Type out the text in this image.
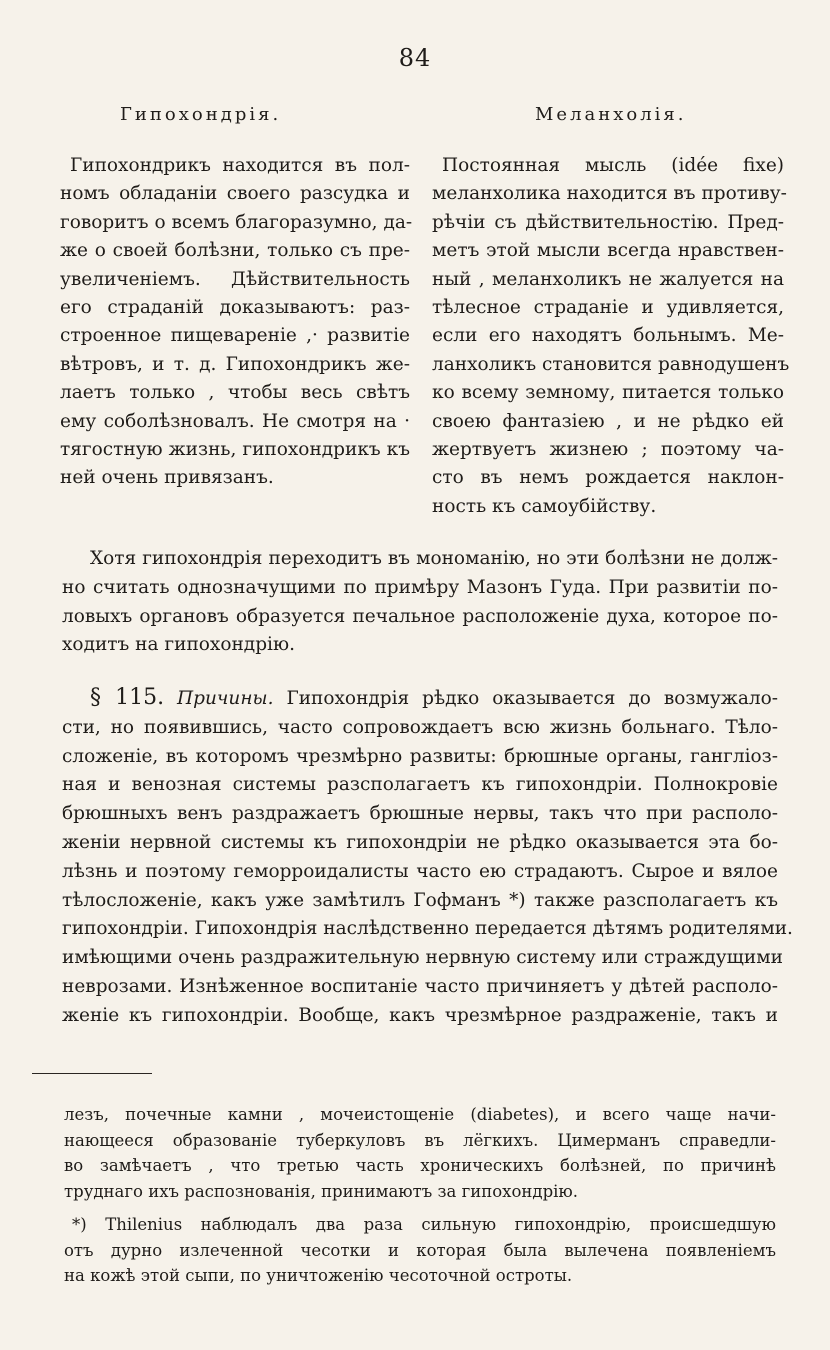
84
Гипохондрія.	Меланхолія.
Гипохондрикъ находится въ пол-
номъ обладаніи своего разсудка и
говоритъ о всемъ благоразумно, да-
же о своей болѣзни, только съ пре-
увеличеніемъ. Дѣйствительность
его страданій доказываютъ: раз-
строенное пищевареніе ,· развитіе
вѣтровъ, и т. д. Гипохондрикъ же-
лаетъ только , чтобы весь свѣтъ
ему соболѣзновалъ. Не смотря на ·
тягостную жизнь, гипохондрикъ къ
ней очень привязанъ.
Постоянная мысль (idée fixe)
меланхолика находится въ противу-
рѣчіи съ дѣйствительностію. Пред-
метъ этой мысли всегда нравствен-
ный , меланхоликъ не жалуется на
тѣлесное страданіе и удивляется,
если его находятъ больнымъ. Ме-
ланхоликъ становится равнодушенъ
ко всему земному, питается только
своею фантазіею , и не рѣдко ей
жертвуетъ жизнею ; поэтому ча-
сто въ немъ рождается наклон-
ность къ самоубійству.
Хотя гипохондрія переходитъ въ мономанію, но эти болѣзни не долж-
но считать однозначущими по примѣру Мазонъ Гуда. При развитіи по-
ловыхъ органовъ образуется печальное расположеніе духа, которое по-
ходитъ на гипохондрію.
§ 115. Причины. Гипохондрія рѣдко оказывается до возмужало-
сти, но появившись, часто сопровождаетъ всю жизнь больнаго. Тѣло-
сложеніе, въ которомъ чрезмѣрно развиты: брюшные органы, гангліоз-
ная и венозная системы разсполагаетъ къ гипохондріи. Полнокровіе
брюшныхъ венъ раздражаетъ брюшные нервы, такъ что при располо-
женіи нервной системы къ гипохондріи не рѣдко оказывается эта бо-
лѣзнь и поэтому геморроидалисты часто ею страдаютъ. Сырое и вялое
тѣлосложеніе, какъ уже замѣтилъ Гофманъ *) также разсполагаетъ къ
гипохондріи. Гипохондрія наслѣдственно передается дѣтямъ родителями.
имѣющими очень раздражительную нервную систему или страждущими
неврозами. Изнѣженное воспитаніе часто причиняетъ у дѣтей располо-
женіе къ гипохондріи. Вообще, какъ чрезмѣрное раздраженіе, такъ и
лезъ, почечные камни , мочеистощеніе (diabetes), и всего чаще начи-
нающееся образованіе туберкуловъ въ лёгкихъ. Цимерманъ справедли-
во замѣчаетъ , что третью часть хроническихъ болѣзней, по причинѣ
труднаго ихъ распознованія, принимаютъ за гипохондрію.
*) Thilenius наблюдалъ два раза сильную гипохондрію, происшедшую
отъ дурно излеченной чесотки и которая была вылечена появленіемъ
на кожѣ этой сыпи, по уничтоженію чесоточной остроты.
